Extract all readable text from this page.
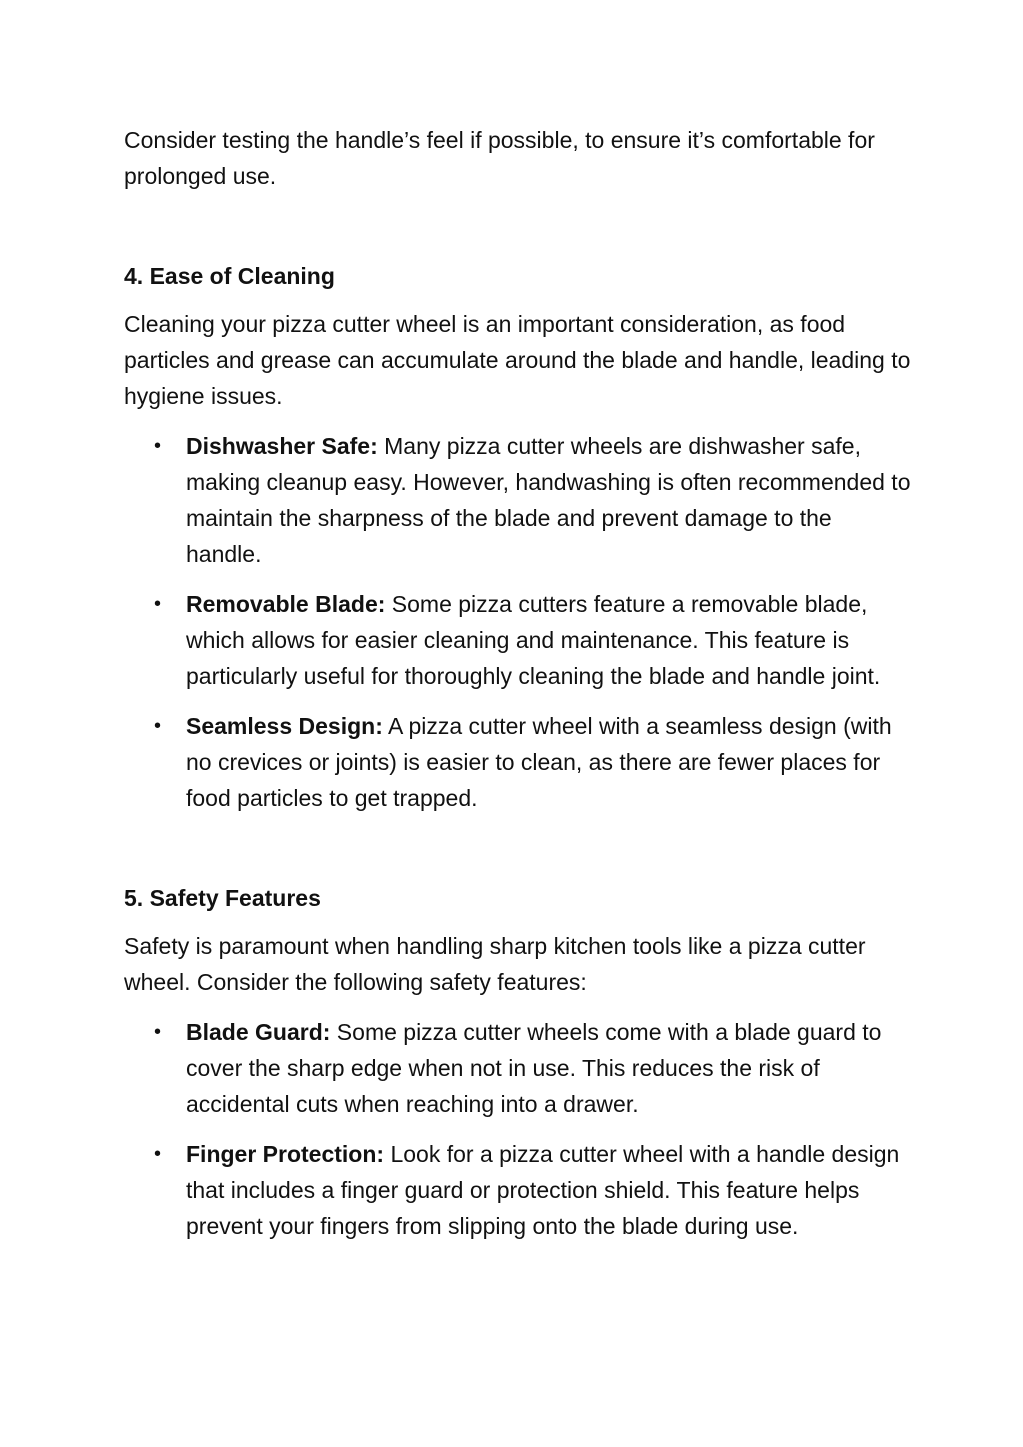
Consider testing the handle’s feel if possible, to ensure it’s comfortable for prolonged use.

4. Ease of Cleaning

Cleaning your pizza cutter wheel is an important consideration, as food particles and grease can accumulate around the blade and handle, leading to hygiene issues.

• Dishwasher Safe: Many pizza cutter wheels are dishwasher safe, making cleanup easy. However, handwashing is often recommended to maintain the sharpness of the blade and prevent damage to the handle.
• Removable Blade: Some pizza cutters feature a removable blade, which allows for easier cleaning and maintenance. This feature is particularly useful for thoroughly cleaning the blade and handle joint.
• Seamless Design: A pizza cutter wheel with a seamless design (with no crevices or joints) is easier to clean, as there are fewer places for food particles to get trapped.
5. Safety Features

Safety is paramount when handling sharp kitchen tools like a pizza cutter wheel. Consider the following safety features:

• Blade Guard: Some pizza cutter wheels come with a blade guard to cover the sharp edge when not in use. This reduces the risk of accidental cuts when reaching into a drawer.
• Finger Protection: Look for a pizza cutter wheel with a handle design that includes a finger guard or protection shield. This feature helps prevent your fingers from slipping onto the blade during use.
